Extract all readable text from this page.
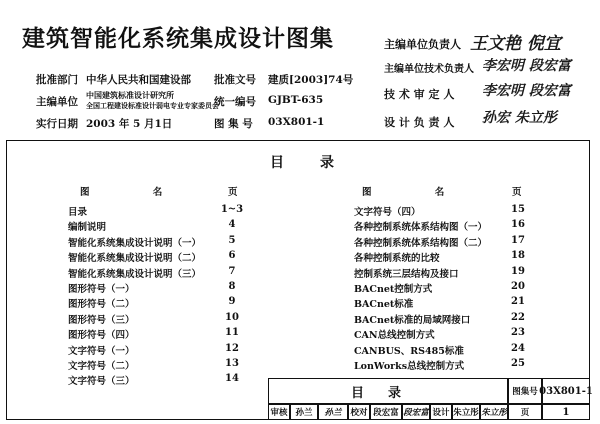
建筑智能化系统集成设计图集
批准部门 中华人民共和国建设部 批准文号 建质[2003]74号
主编单位
中国建筑标准设计研究所
全国工程建设标准设计弱电专业专家委员会
统一编号 GJBT-635
实行日期 2003 年 5 月1日	图 集 号 03X801-1
主编单位负责人 王文艳 倪宜
主编单位技术负责人 李宏明 段宏富
技 术 审 定 人 李宏明 段宏富
设 计 负 责 人 孙宏 朱立彤
目录
图 名	页	图 名	页
目录	1~3
编制说明	4
智能化系统集成设计说明（一）	5
智能化系统集成设计说明（二）	6
智能化系统集成设计说明（三）	7
图形符号（一）	8
图形符号（二）	9
图形符号（三）	10
图形符号（四）	11
文字符号（一）	12
文字符号（二）	13
文字符号（三）	14
文字符号（四）	15
各种控制系统体系结构图（一）	16
各种控制系统体系结构图（二）	17
各种控制系统的比较	18
控制系统三层结构及接口	19
BACnet控制方式	20
BACnet标准	21
BACnet标准的局域网接口	22
CAN总线控制方式	23
CANBUS、RS485标准	24
LonWorks总线控制方式	25
目录	图集号 03X801-1
审核 孙兰	孙兰	校对 段宏富 段宏富 设计 朱立彤 朱立彤	页	1
